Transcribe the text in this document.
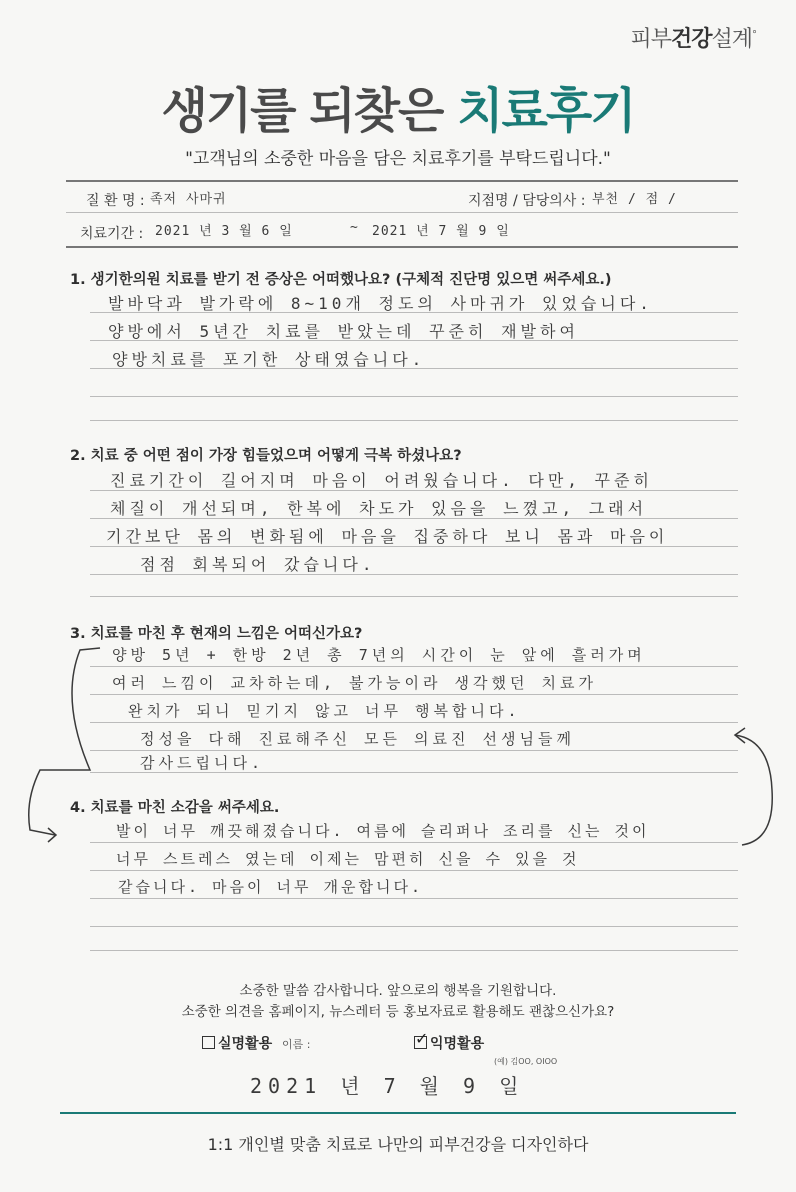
피부건강설계°
생기를 되찾은 치료후기
"고객님의 소중한 마음을 담은 치료후기를 부탁드립니다."
질 환 명 : 족저 사마귀	지점명 / 담당의사 : 부천 / 점 /
치료기간 : 2021 년 3 월 6 일	~ 2021 년 7 월 9 일
1. 생기한의원 치료를 받기 전 증상은 어떠했나요? (구체적 진단명 있으면 써주세요.)
발바닥과 발가락에 8~10개 정도의 사마귀가 있었습니다.
양방에서 5년간 치료를 받았는데 꾸준히 재발하여
양방치료를 포기한 상태였습니다.
2. 치료 중 어떤 점이 가장 힘들었으며 어떻게 극복 하셨나요?
진료기간이 길어지며 마음이 어려웠습니다. 다만, 꾸준히
체질이 개선되며, 한복에 차도가 있음을 느꼈고, 그래서
기간보단 몸의 변화됨에 마음을 집중하다 보니 몸과 마음이
점점 회복되어 갔습니다.
3. 치료를 마친 후 현재의 느낌은 어떠신가요?
양방 5년 + 한방 2년 총 7년의 시간이 눈 앞에 흘러가며
여러 느낌이 교차하는데, 불가능이라 생각했던 치료가
완치가 되니 믿기지 않고 너무 행복합니다.
정성을 다해 진료해주신 모든 의료진 선생님들께
감사드립니다.
4. 치료를 마친 소감을 써주세요.
발이 너무 깨끗해졌습니다. 여름에 슬리퍼나 조리를 신는 것이
너무 스트레스 였는데 이제는 맘편히 신을 수 있을 것
같습니다. 마음이 너무 개운합니다.
소중한 말씀 감사합니다. 앞으로의 행복을 기원합니다.
소중한 의견을 홈페이지, 뉴스레터 등 홍보자료로 활용해도 괜찮으신가요?
실명활용 이름 :
✓	익명활용
(예) 김OO, OIOO
2021 년 7 월 9 일
1:1 개인별 맞춤 치료로 나만의 피부건강을 디자인하다
